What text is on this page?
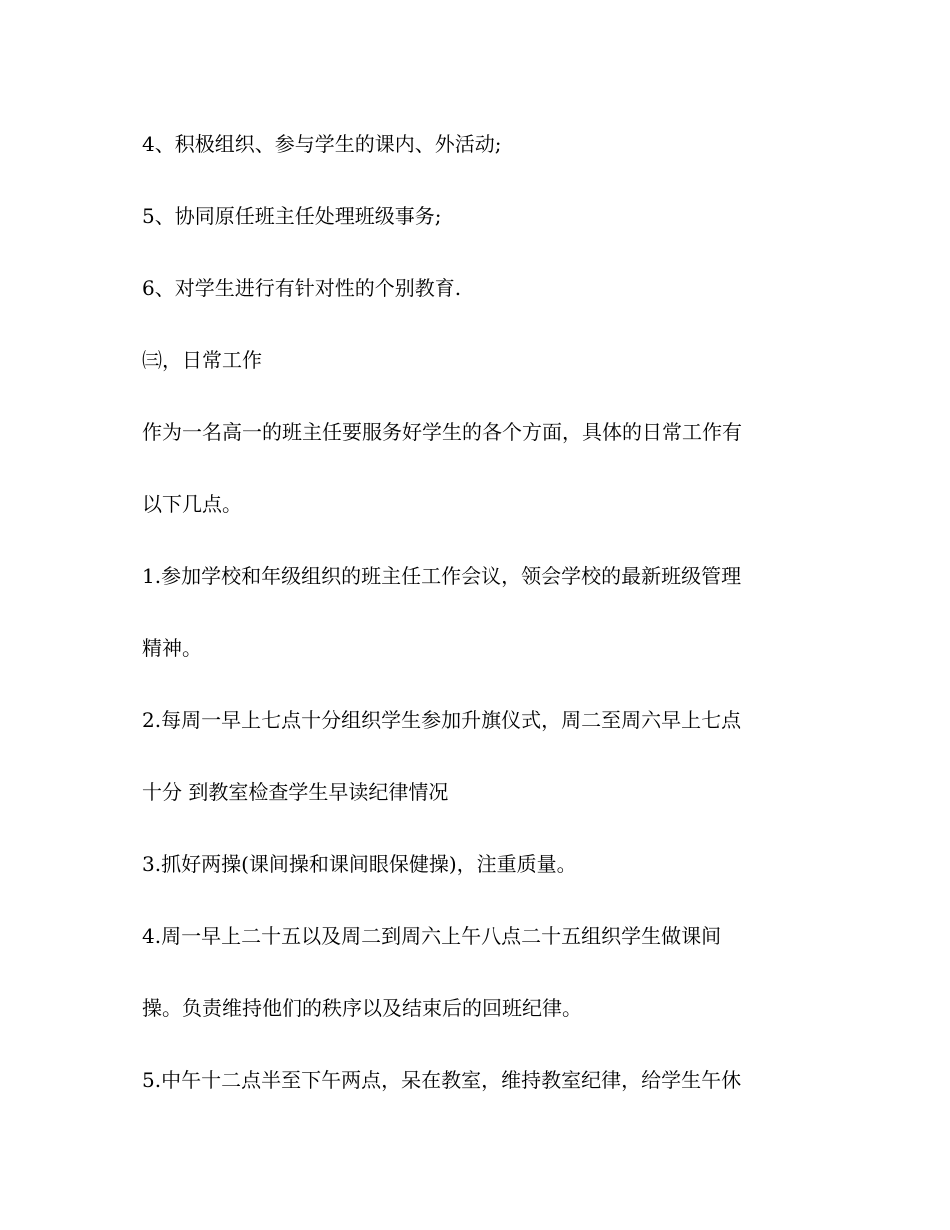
4、积极组织、参与学生的课内、外活动;
5、协同原任班主任处理班级事务;
6、对学生进行有针对性的个别教育.
㈢，日常工作
作为一名高一的班主任要服务好学生的各个方面，具体的日常工作有
以下几点。
1.参加学校和年级组织的班主任工作会议，领会学校的最新班级管理
精神。
2.每周一早上七点十分组织学生参加升旗仪式，周二至周六早上七点
十分 到教室检查学生早读纪律情况
3.抓好两操(课间操和课间眼保健操)，注重质量。
4.周一早上二十五以及周二到周六上午八点二十五组织学生做课间
操。负责维持他们的秩序以及结束后的回班纪律。
5.中午十二点半至下午两点，呆在教室，维持教室纪律，给学生午休
